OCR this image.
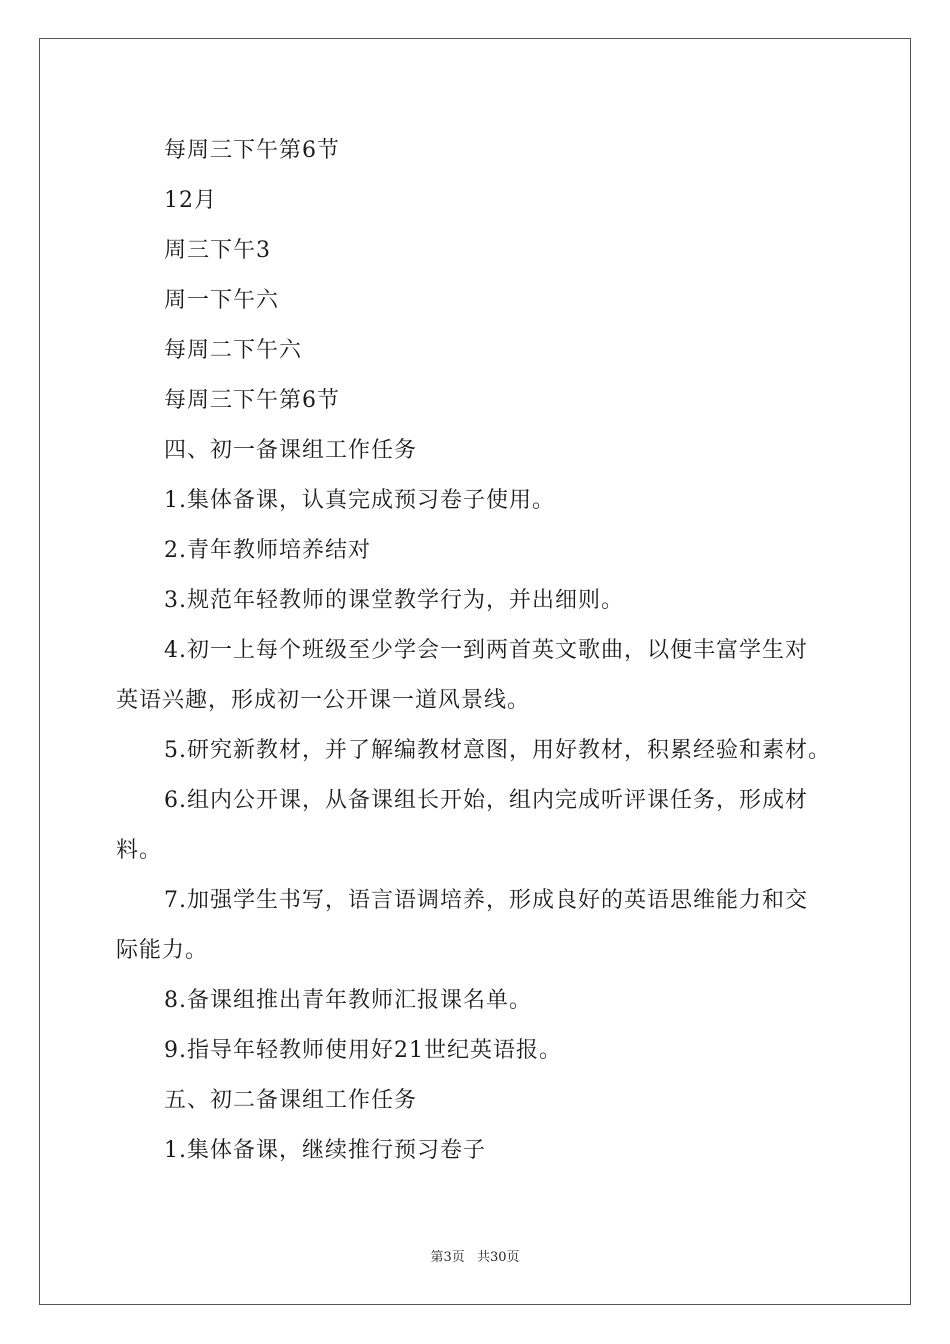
每周三下午第6节
12月
周三下午3
周一下午六
每周二下午六
每周三下午第6节
四、初一备课组工作任务
1.集体备课，认真完成预习卷子使用。
2.青年教师培养结对
3.规范年轻教师的课堂教学行为，并出细则。
4.初一上每个班级至少学会一到两首英文歌曲，以便丰富学生对
英语兴趣，形成初一公开课一道风景线。
5.研究新教材，并了解编教材意图，用好教材，积累经验和素材。
6.组内公开课，从备课组长开始，组内完成听评课任务，形成材
料。
7.加强学生书写，语言语调培养，形成良好的英语思维能力和交
际能力。
8.备课组推出青年教师汇报课名单。
9.指导年轻教师使用好21世纪英语报。
五、初二备课组工作任务
1.集体备课，继续推行预习卷子
第3页 共30页
